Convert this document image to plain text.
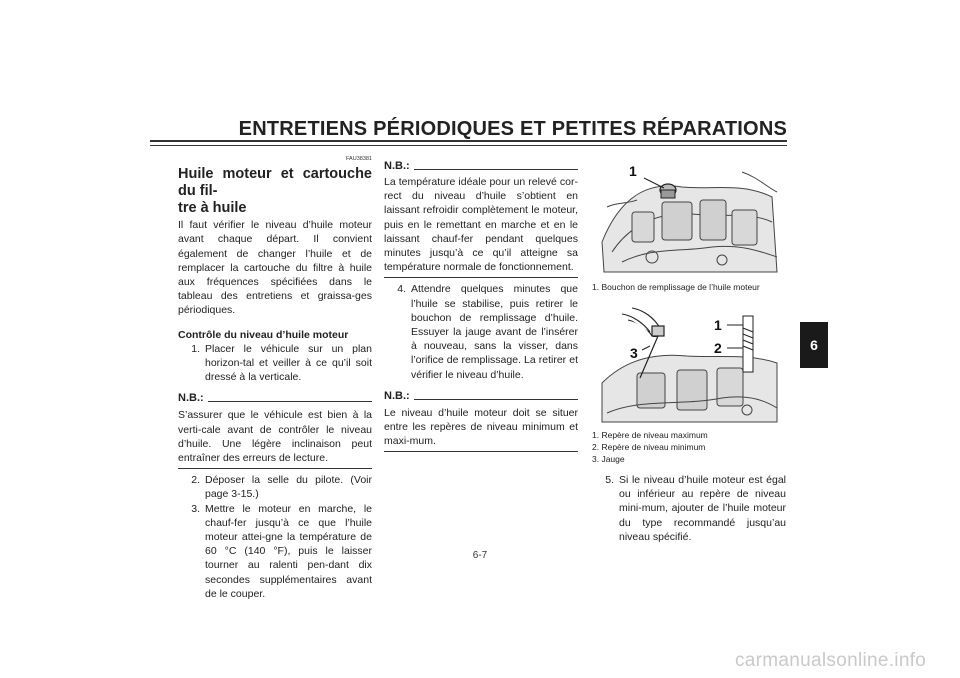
ENTRETIENS PÉRIODIQUES ET PETITES RÉPARATIONS
6
FAU38381
Huile moteur et cartouche du fil-
tre à huile

Il faut vérifier le niveau d’huile moteur avant chaque départ. Il convient également de changer l’huile et de remplacer la cartouche du filtre à huile aux fréquences spécifiées dans le tableau des entretiens et graissa-ges périodiques.

Contrôle du niveau d’huile moteur

1. Placer le véhicule sur un plan horizon-tal et veiller à ce qu’il soit dressé à la verticale.
N.B.:

S’assurer que le véhicule est bien à la verti-cale avant de contrôler le niveau d’huile. Une légère inclinaison peut entraîner des erreurs de lecture.

2. Déposer la selle du pilote. (Voir page 3-15.)
3. Mettre le moteur en marche, le chauf-fer jusqu’à ce que l’huile moteur attei-gne la température de 60 °C (140 °F), puis le laisser tourner au ralenti pen-dant dix secondes supplémentaires avant de le couper.
N.B.:

La température idéale pour un relevé cor-rect du niveau d’huile s’obtient en laissant refroidir complètement le moteur, puis en le remettant en marche et en le laissant chauf-fer pendant quelques minutes jusqu’à ce qu’il atteigne sa température normale de fonctionnement.

4. Attendre quelques minutes que l’huile se stabilise, puis retirer le bouchon de remplissage d’huile. Essuyer la jauge avant de l’insérer à nouveau, sans la visser, dans l’orifice de remplissage. La retirer et vérifier le niveau d’huile.
N.B.:

Le niveau d’huile moteur doit se situer entre les repères de niveau minimum et maxi-mum.

1
1. Bouchon de remplissage de l’huile moteur
1
2
3
1. Repère de niveau maximum
2. Repère de niveau minimum
3. Jauge
5. Si le niveau d’huile moteur est égal ou inférieur au repère de niveau mini-mum, ajouter de l’huile moteur du type recommandé jusqu’au niveau spécifié.
6-7
carmanualsonline.info
